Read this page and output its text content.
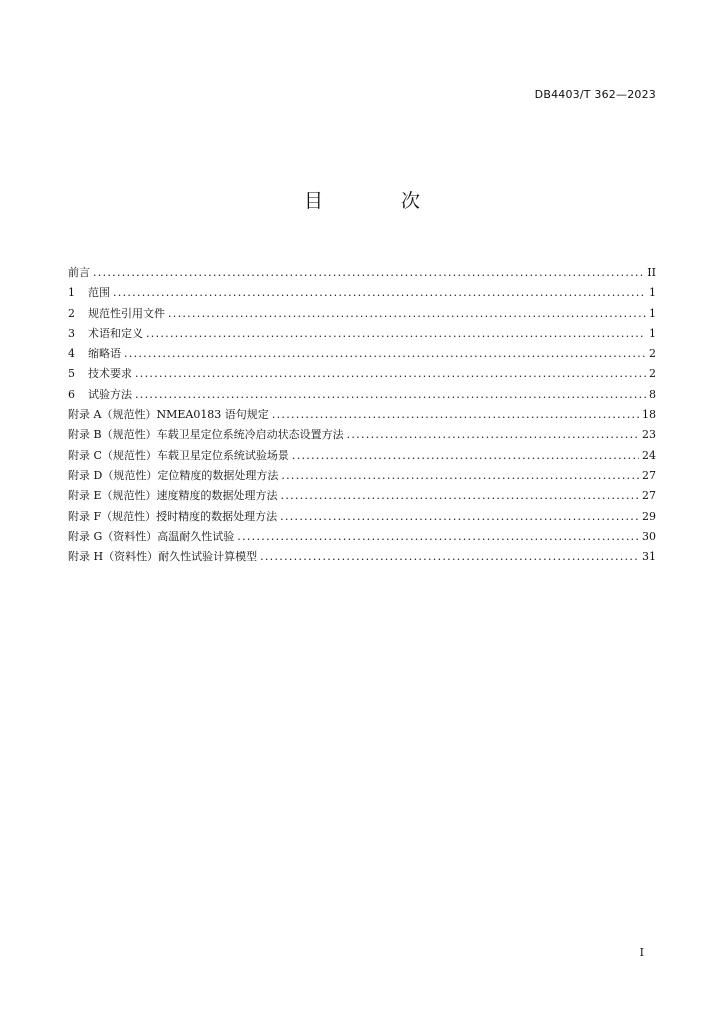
DB4403/T 362—2023
目 次
前言 .....	II
1	范围 .....	1
2	规范性引用文件 .....	1
3	术语和定义 .....	1
4	缩略语 .....	2
5	技术要求 .....	2
6	试验方法 .....	8
附录 A（规范性） NMEA0183 语句规定 .....	18
附录 B（规范性） 车载卫星定位系统冷启动状态设置方法 .....	23
附录 C（规范性） 车载卫星定位系统试验场景 .....	24
附录 D（规范性） 定位精度的数据处理方法 .....	27
附录 E（规范性） 速度精度的数据处理方法 .....	27
附录 F（规范性） 授时精度的数据处理方法 .....	29
附录 G（资料性） 高温耐久性试验 .....	30
附录 H（资料性） 耐久性试验计算模型 .....	31
I
